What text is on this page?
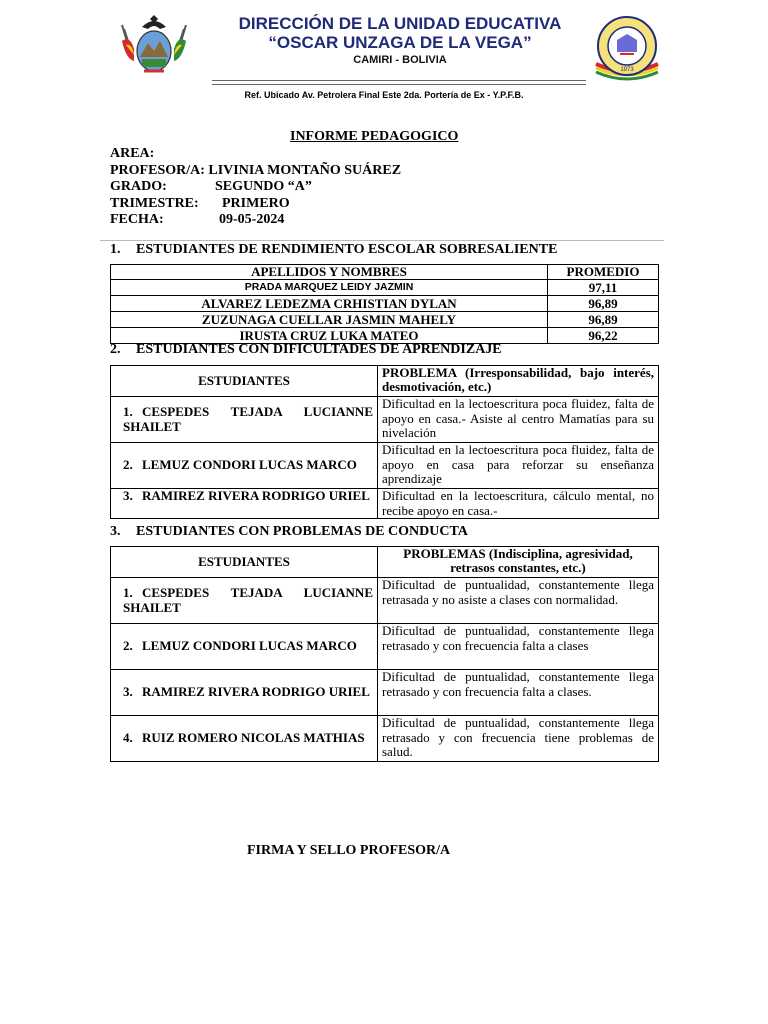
DIRECCIÓN DE LA UNIDAD EDUCATIVA
“OSCAR UNZAGA DE LA VEGA”
CAMIRI - BOLIVIA
1973
Ref. Ubicado Av. Petrolera Final Este 2da. Portería de Ex - Y.P.F.B.
INFORME PEDAGOGICO
AREA:
PROFESOR/A: LIVINIA MONTAÑO SUÁREZ
GRADO:	SEGUNDO “A”
TRIMESTRE: PRIMERO
FECHA:	09-05-2024
1. ESTUDIANTES DE RENDIMIENTO ESCOLAR SOBRESALIENTE
APELLIDOS Y NOMBRES	PROMEDIO
PRADA MARQUEZ LEIDY JAZMIN	97,11
ALVAREZ LEDEZMA CRHISTIAN DYLAN	96,89
ZUZUNAGA CUELLAR JASMIN MAHELY	96,89
IRUSTA CRUZ LUKA MATEO	96,22
2. ESTUDIANTES CON DIFICULTADES DE APRENDIZAJE
ESTUDIANTES	PROBLEMA (Irresponsabilidad, bajo interés, desmotivación, etc.)
1. CESPEDES TEJADA LUCIANNE SHAILET	Dificultad en la lectoescritura poca fluidez, falta de apoyo en casa.- Asiste al centro Mamatías para su nivelación
2. LEMUZ CONDORI LUCAS MARCO	Dificultad en la lectoescritura poca fluidez, falta de apoyo en casa para reforzar su enseñanza aprendizaje
3. RAMIREZ RIVERA RODRIGO URIEL	Dificultad en la lectoescritura, cálculo mental, no recibe apoyo en casa.-
3. ESTUDIANTES CON PROBLEMAS DE CONDUCTA
ESTUDIANTES	PROBLEMAS (Indisciplina, agresividad, retrasos constantes, etc.)
1. CESPEDES TEJADA LUCIANNE SHAILET	Dificultad de puntualidad, constantemente llega retrasada y no asiste a clases con normalidad.
2. LEMUZ CONDORI LUCAS MARCO	Dificultad de puntualidad, constantemente llega retrasado y con frecuencia falta a clases
3. RAMIREZ RIVERA RODRIGO URIEL	Dificultad de puntualidad, constantemente llega retrasado y con frecuencia falta a clases.
4. RUIZ ROMERO NICOLAS MATHIAS	Dificultad de puntualidad, constantemente llega retrasado y con frecuencia tiene problemas de salud.
FIRMA Y SELLO PROFESOR/A
